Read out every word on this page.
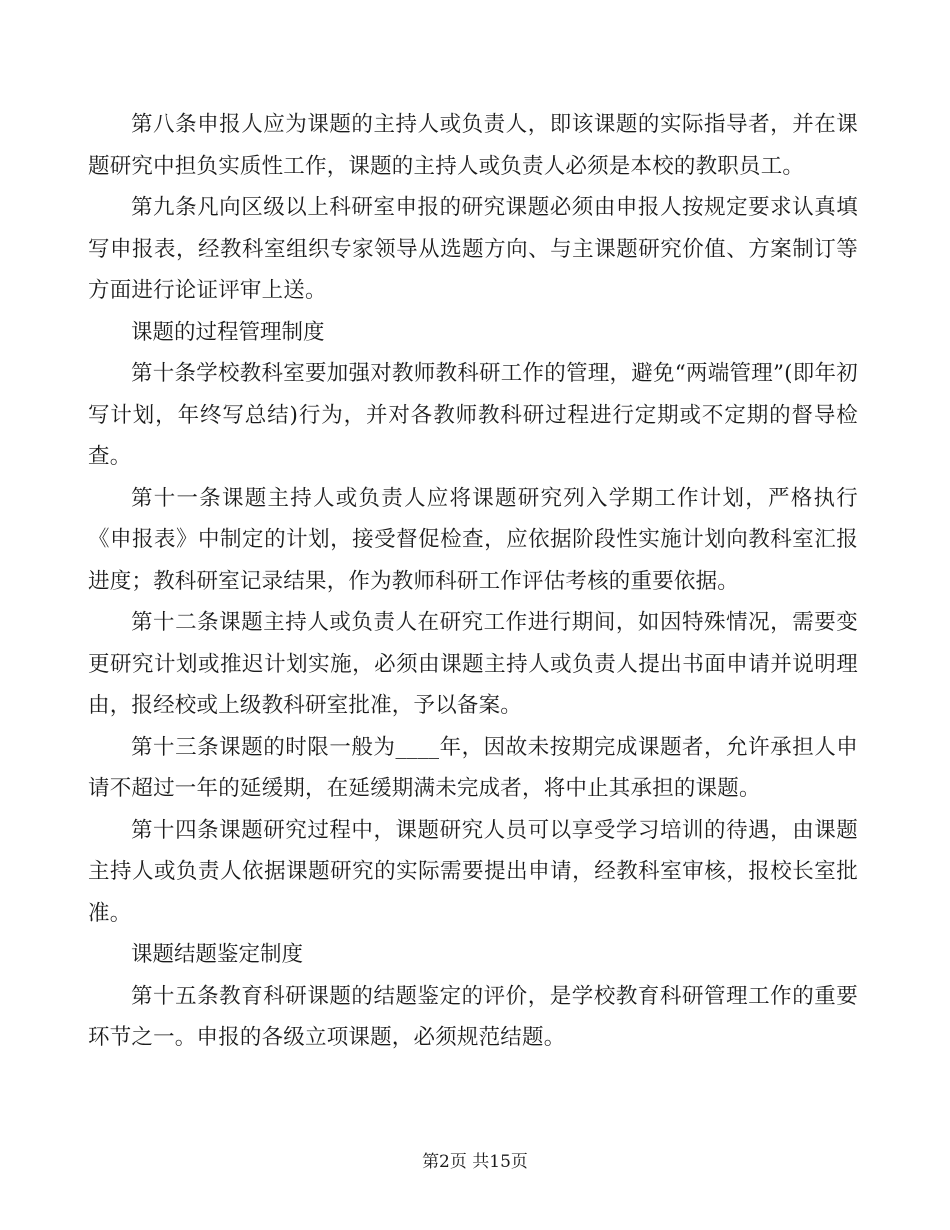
第八条申报人应为课题的主持人或负责人，即该课题的实际指导者，并在课题研究中担负实质性工作，课题的主持人或负责人必须是本校的教职员工。

第九条凡向区级以上科研室申报的研究课题必须由申报人按规定要求认真填写申报表，经教科室组织专家领导从选题方向、与主课题研究价值、方案制订等方面进行论证评审上送。

课题的过程管理制度

第十条学校教科室要加强对教师教科研工作的管理，避免“两端管理”(即年初写计划，年终写总结)行为，并对各教师教科研过程进行定期或不定期的督导检查。

第十一条课题主持人或负责人应将课题研究列入学期工作计划，严格执行《申报表》中制定的计划，接受督促检查，应依据阶段性实施计划向教科室汇报进度；教科研室记录结果，作为教师科研工作评估考核的重要依据。

第十二条课题主持人或负责人在研究工作进行期间，如因特殊情况，需要变更研究计划或推迟计划实施，必须由课题主持人或负责人提出书面申请并说明理由，报经校或上级教科研室批准，予以备案。

第十三条课题的时限一般为____年，因故未按期完成课题者，允许承担人申请不超过一年的延缓期，在延缓期满未完成者，将中止其承担的课题。

第十四条课题研究过程中，课题研究人员可以享受学习培训的待遇，由课题主持人或负责人依据课题研究的实际需要提出申请，经教科室审核，报校长室批准。

课题结题鉴定制度

第十五条教育科研课题的结题鉴定的评价，是学校教育科研管理工作的重要环节之一。申报的各级立项课题，必须规范结题。

第2页 共15页
